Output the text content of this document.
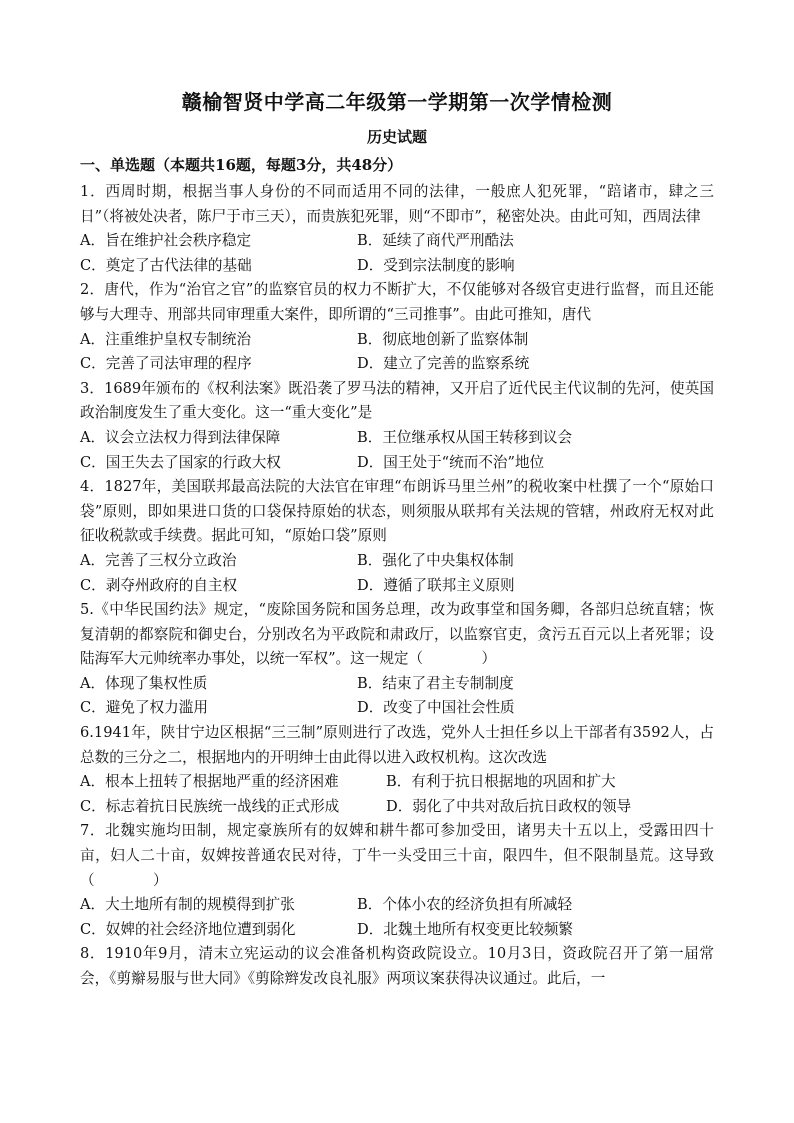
赣榆智贤中学高二年级第一学期第一次学情检测
历史试题
一、单选题（本题共16题，每题3分，共48分）

1．西周时期，根据当事人身份的不同而适用不同的法律，一般庶人犯死罪，“踣诸市，肆之三日”（将被处决者，陈尸于市三天），而贵族犯死罪，则“不即市”，秘密处决。由此可知，西周法律

A．旨在维护社会秩序稳定	B．延续了商代严刑酷法
C．奠定了古代法律的基础	D．受到宗法制度的影响

2．唐代，作为“治官之官”的监察官员的权力不断扩大，不仅能够对各级官吏进行监督，而且还能够与大理寺、刑部共同审理重大案件，即所谓的“三司推事”。由此可推知，唐代

A．注重维护皇权专制统治	B．彻底地创新了监察体制
C．完善了司法审理的程序	D．建立了完善的监察系统

3．1689年颁布的《权利法案》既沿袭了罗马法的精神，又开启了近代民主代议制的先河，使英国政治制度发生了重大变化。这一“重大变化”是

A．议会立法权力得到法律保障	B．王位继承权从国王转移到议会
C．国王失去了国家的行政大权	D．国王处于“统而不治”地位

4．1827年，美国联邦最高法院的大法官在审理“布朗诉马里兰州”的税收案中杜撰了一个“原始口袋”原则，即如果进口货的口袋保持原始的状态，则须服从联邦有关法规的管辖，州政府无权对此征收税款或手续费。据此可知，“原始口袋”原则

A．完善了三权分立政治	B．强化了中央集权体制
C．剥夺州政府的自主权	D．遵循了联邦主义原则

5.《中华民国约法》规定，“废除国务院和国务总理，改为政事堂和国务卿，各部归总统直辖；恢复清朝的都察院和御史台，分别改名为平政院和肃政厅，以监察官吏，贪污五百元以上者死罪；设陆海军大元帅统率办事处，以统一军权”。这一规定（　　　　）

A．体现了集权性质	B．结束了君主专制制度
C．避免了权力滥用	D．改变了中国社会性质

6.1941年，陕甘宁边区根据“三三制”原则进行了改选，党外人士担任乡以上干部者有3592人，占总数的三分之二，根据地内的开明绅士由此得以进入政权机构。这次改选

A．根本上扭转了根据地严重的经济困难	B．有利于抗日根据地的巩固和扩大
C．标志着抗日民族统一战线的正式形成	D．弱化了中共对敌后抗日政权的领导

7．北魏实施均田制，规定豪族所有的奴婢和耕牛都可参加受田，诸男夫十五以上，受露田四十亩，妇人二十亩，奴婢按普通农民对待，丁牛一头受田三十亩，限四牛，但不限制垦荒。这导致（　　　　）

A．大土地所有制的规模得到扩张	B．个体小农的经济负担有所减轻
C．奴婢的社会经济地位遭到弱化	D．北魏土地所有权变更比较频繁

8．1910年9月，清末立宪运动的议会准备机构资政院设立。10月3日，资政院召开了第一届常会，《剪辮易服与世大同》《剪除辫发改良礼服》两项议案获得决议通过。此后，一
